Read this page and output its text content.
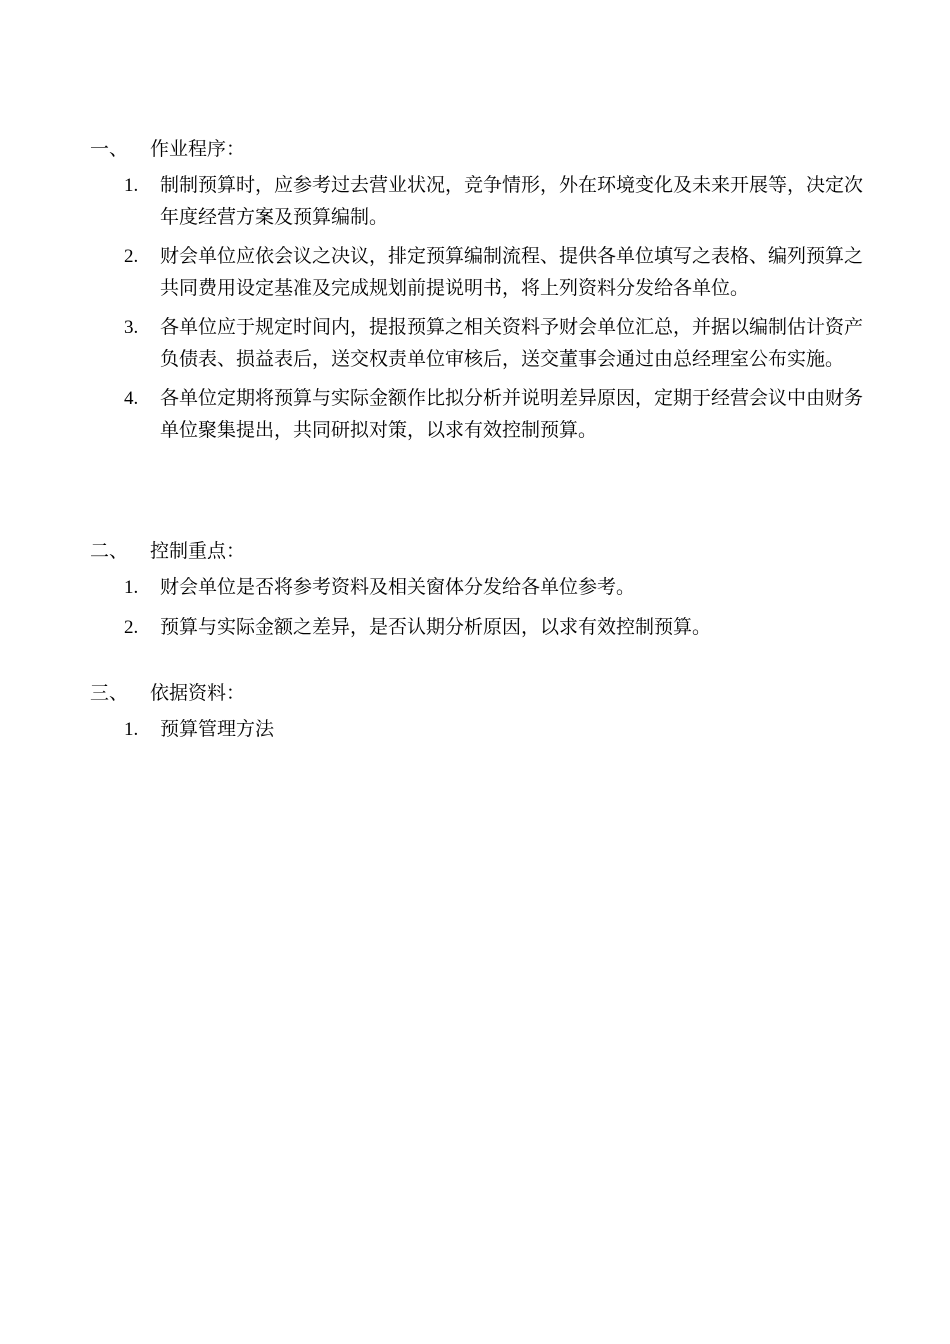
一、 作业程序：
1. 制制预算时，应参考过去营业状况，竞争情形，外在环境变化及未来开展等，决定次年度经营方案及预算编制。
2. 财会单位应依会议之决议，排定预算编制流程、提供各单位填写之表格、编列预算之共同费用设定基准及完成规划前提说明书，将上列资料分发给各单位。
3. 各单位应于规定时间内，提报预算之相关资料予财会单位汇总，并据以编制估计资产负债表、损益表后，送交权责单位审核后，送交董事会通过由总经理室公布实施。
4. 各单位定期将预算与实际金额作比拟分析并说明差异原因，定期于经营会议中由财务单位聚集提出，共同研拟对策，以求有效控制预算。
二、 控制重点：
1. 财会单位是否将参考资料及相关窗体分发给各单位参考。
2. 预算与实际金额之差异，是否认期分析原因，以求有效控制预算。
三、 依据资料：
1. 预算管理方法
